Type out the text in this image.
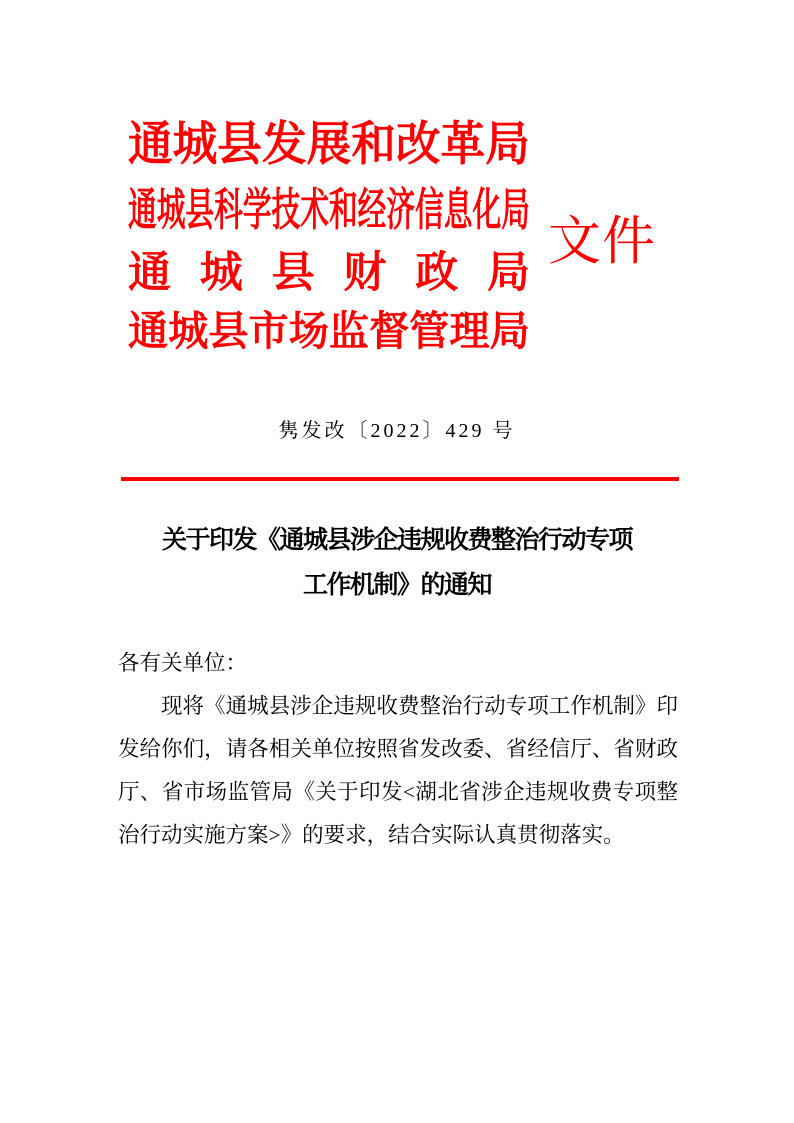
通城县发展和改革局
通城县科学技术和经济信息化局
通城县财政局
通城县市场监督管理局
文件
隽发改〔2022〕429 号
关于印发《通城县涉企违规收费整治行动专项
工作机制》的通知

各有关单位：

现将《通城县涉企违规收费整治行动专项工作机制》印发给你们，请各相关单位按照省发改委、省经信厅、省财政厅、省市场监管局《关于印发<湖北省涉企违规收费专项整治行动实施方案>》的要求，结合实际认真贯彻落实。
